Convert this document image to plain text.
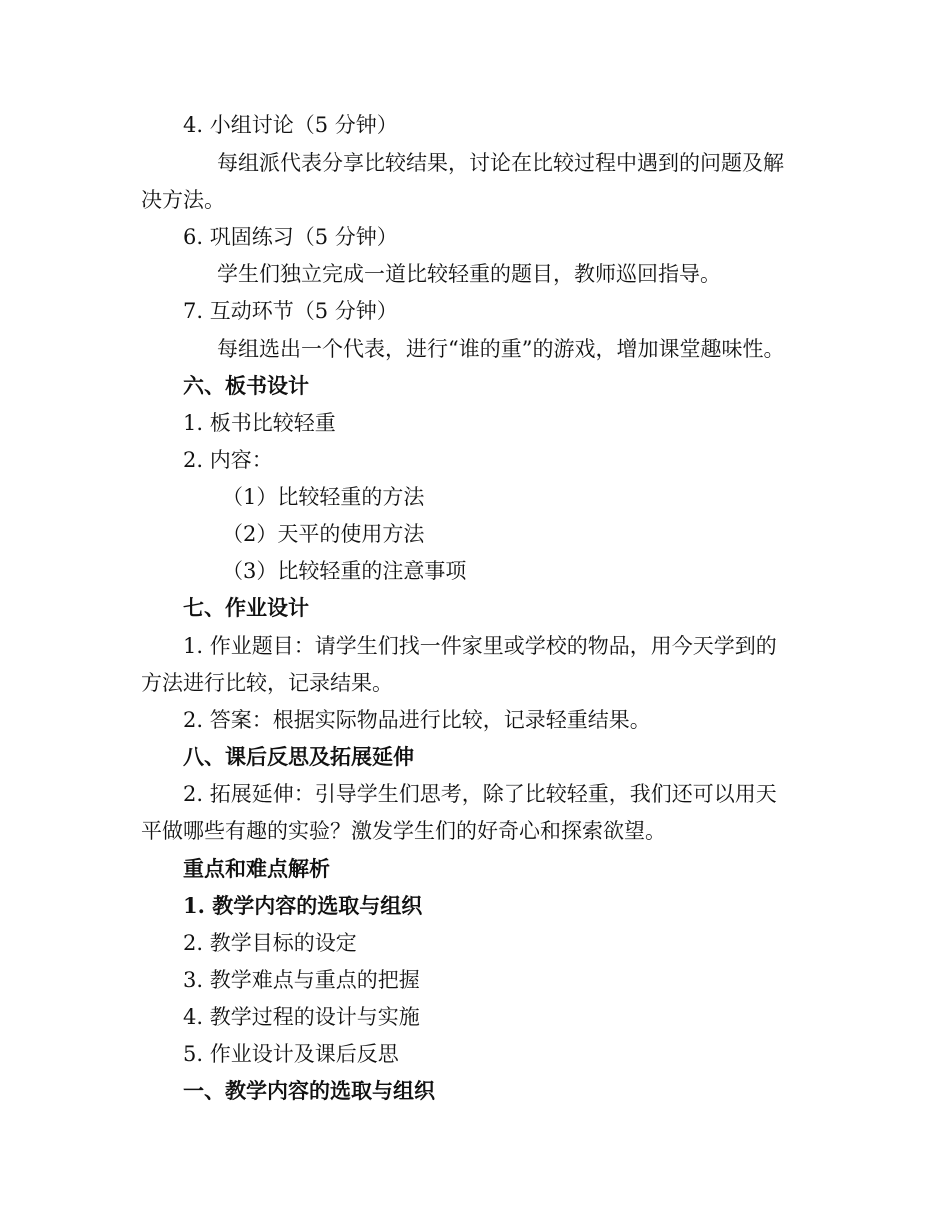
4. 小组讨论（5 分钟）
每组派代表分享比较结果，讨论在比较过程中遇到的问题及解
决方法。
6. 巩固练习（5 分钟）
学生们独立完成一道比较轻重的题目，教师巡回指导。
7. 互动环节（5 分钟）
每组选出一个代表，进行“谁的重”的游戏，增加课堂趣味性。
六、板书设计
1. 板书比较轻重
2. 内容：
（1）比较轻重的方法
（2）天平的使用方法
（3）比较轻重的注意事项
七、作业设计
1. 作业题目：请学生们找一件家里或学校的物品，用今天学到的
方法进行比较，记录结果。
2. 答案：根据实际物品进行比较，记录轻重结果。
八、课后反思及拓展延伸
2. 拓展延伸：引导学生们思考，除了比较轻重，我们还可以用天
平做哪些有趣的实验？激发学生们的好奇心和探索欲望。
重点和难点解析
1. 教学内容的选取与组织
2. 教学目标的设定
3. 教学难点与重点的把握
4. 教学过程的设计与实施
5. 作业设计及课后反思
一、教学内容的选取与组织
